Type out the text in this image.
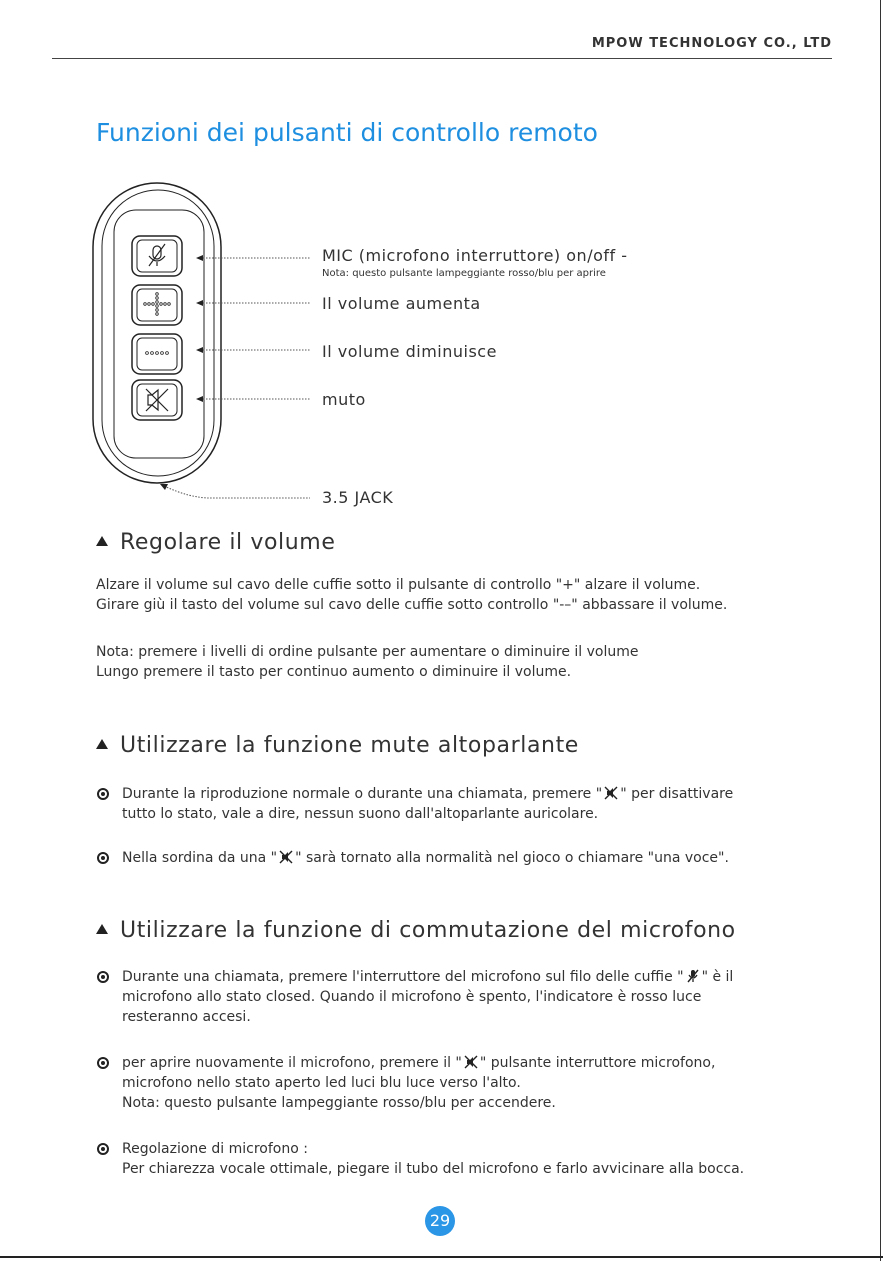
MPOW TECHNOLOGY CO., LTD
Funzioni dei pulsanti di controllo remoto
MIC (microfono interruttore) on/off -
Nota: questo pulsante lampeggiante rosso/blu per aprire
Il volume aumenta
Il volume diminuisce
muto
3.5 JACK
Regolare il volume
Alzare il volume sul cavo delle cuffie sotto il pulsante di controllo "+" alzare il volume.
Girare giù il tasto del volume sul cavo delle cuffie sotto controllo "-–" abbassare il volume.
Nota: premere i livelli di ordine pulsante per aumentare o diminuire il volume
Lungo premere il tasto per continuo aumento o diminuire il volume.
Utilizzare la funzione mute altoparlante
Durante la riproduzione normale o durante una chiamata, premere " " per disattivare
tutto lo stato, vale a dire, nessun suono dall'altoparlante auricolare.
Nella sordina da una " " sarà tornato alla normalità nel gioco o chiamare "una voce".
Utilizzare la funzione di commutazione del microfono
Durante una chiamata, premere l'interruttore del microfono sul filo delle cuffie " " è il
microfono allo stato closed. Quando il microfono è spento, l'indicatore è rosso luce
resteranno accesi.
per aprire nuovamente il microfono, premere il " " pulsante interruttore microfono,
microfono nello stato aperto led luci blu luce verso l'alto.
Nota: questo pulsante lampeggiante rosso/blu per accendere.
Regolazione di microfono :
Per chiarezza vocale ottimale, piegare il tubo del microfono e farlo avvicinare alla bocca.
29
